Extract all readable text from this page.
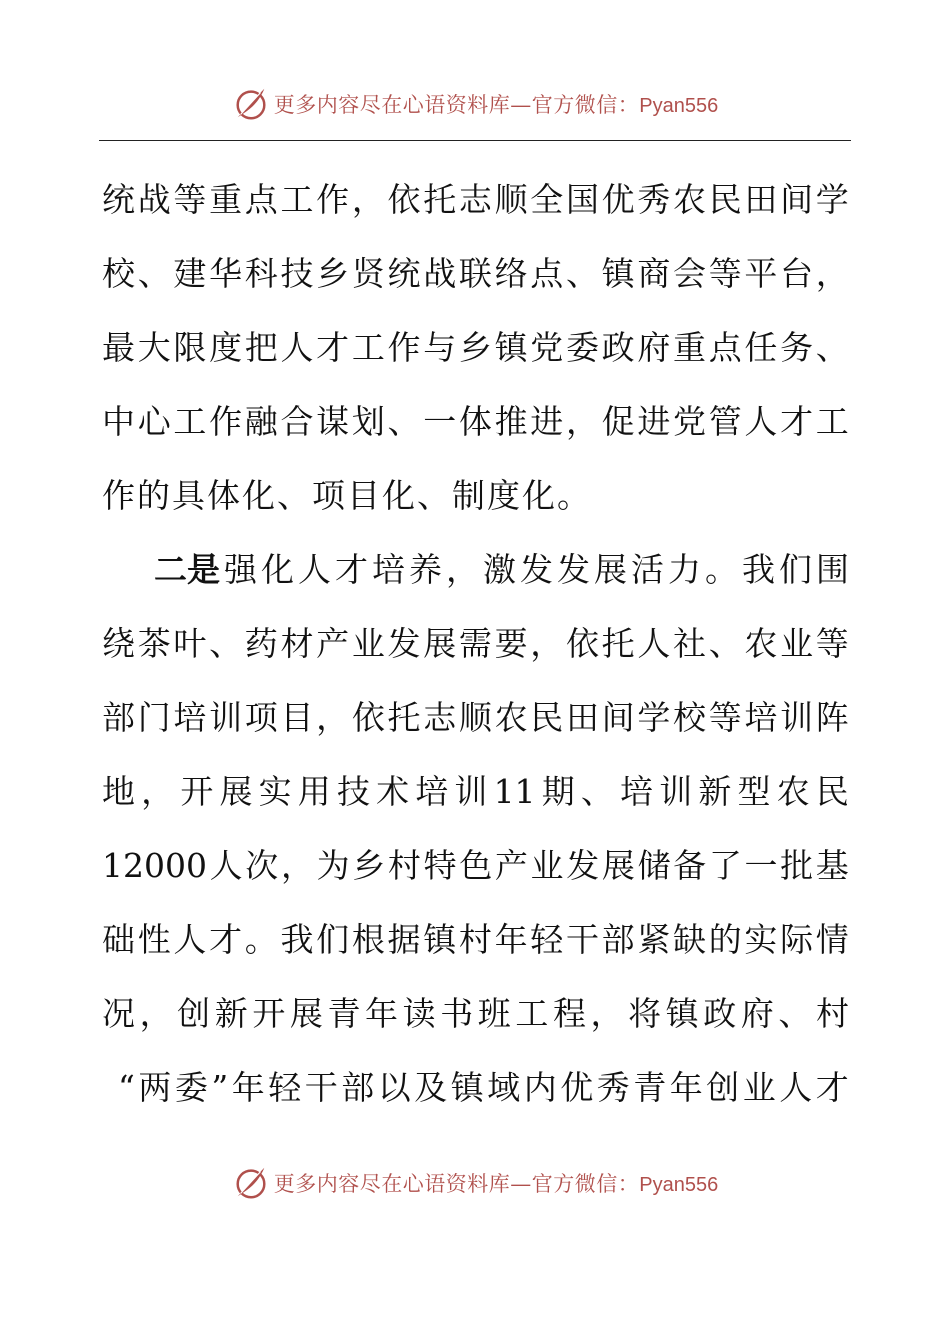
更多内容尽在心语资料库—官方微信：Pyan556
统 战 等 重 点 工 作 ， 依 托 志 顺 全 国 优 秀 农 民 田 间 学
校 、 建 华 科 技 乡 贤 统 战 联 络 点 、 镇 商 会 等 平 台 ，
最 大 限 度 把 人 才 工 作 与 乡 镇 党 委 政 府 重 点 任 务 、
中 心 工 作 融 合 谋 划 、 一 体 推 进 ， 促 进 党 管 人 才 工
作的具体化、项目化、制度化。
二是 强 化 人 才 培 养 ， 激 发 发 展 活 力 。 我 们 围
绕 茶 叶 、 药 材 产 业 发 展 需 要 ， 依 托 人 社 、 农 业 等
部 门 培 训 项 目 ， 依 托 志 顺 农 民 田 间 学 校 等 培 训 阵
地 ， 开 展 实 用 技 术 培 训 11 期 、 培 训 新 型 农 民
12000 人 次 ， 为 乡 村 特 色 产 业 发 展 储 备 了 一 批 基
础 性 人 才 。 我 们 根 据 镇 村 年 轻 干 部 紧 缺 的 实 际 情
况 ， 创 新 开 展 青 年 读 书 班 工 程 ， 将 镇 政 府 、 村
“ 两 委 ” 年 轻 干 部 以 及 镇 域 内 优 秀 青 年 创 业 人 才
更多内容尽在心语资料库—官方微信：Pyan556
